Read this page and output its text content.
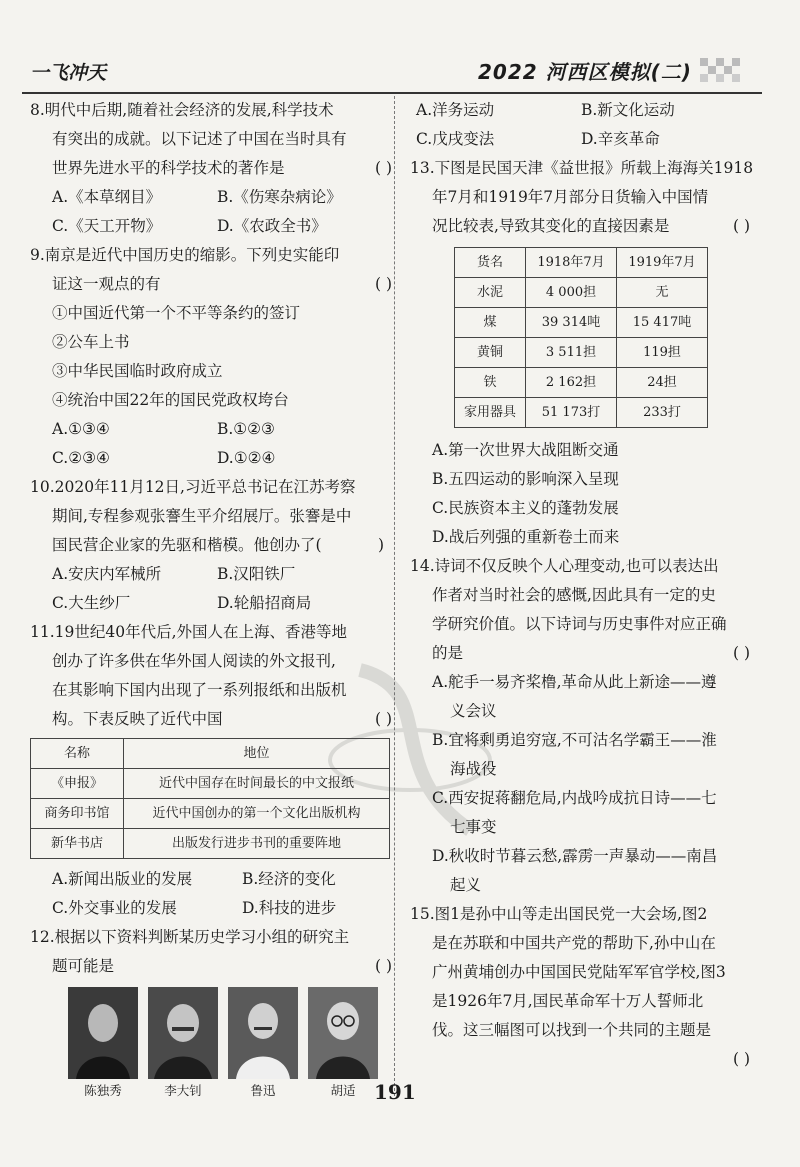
一飞冲天	2022 河西区模拟(二)
8.明代中后期,随着社会经济的发展,科学技术
有突出的成就。以下记述了中国在当时具有
世界先进水平的科学技术的著作是	( )
A.《本草纲目》	B.《伤寒杂病论》
C.《天工开物》	D.《农政全书》
9.南京是近代中国历史的缩影。下列史实能印
证这一观点的有	( )
①中国近代第一个不平等条约的签订
②公车上书
③中华民国临时政府成立
④统治中国22年的国民党政权垮台
A.①③④	B.①②③
C.②③④	D.①②④
10.2020年11月12日,习近平总书记在江苏考察
期间,专程参观张謇生平介绍展厅。张謇是中
国民营企业家的先驱和楷模。他创办了(	)
A.安庆内军械所	B.汉阳铁厂
C.大生纱厂	D.轮船招商局
11.19世纪40年代后,外国人在上海、香港等地
创办了许多供在华外国人阅读的外文报刊,
在其影响下国内出现了一系列报纸和出版机
构。下表反映了近代中国	( )
名称	地位
《申报》	近代中国存在时间最长的中文报纸
商务印书馆	近代中国创办的第一个文化出版机构
新华书店	出版发行进步书刊的重要阵地
A.新闻出版业的发展	B.经济的变化
C.外交事业的发展	D.科技的进步
12.根据以下资料判断某历史学习小组的研究主
题可能是	( )
陈独秀	李大钊	鲁迅	胡适
A.洋务运动	B.新文化运动
C.戊戌变法	D.辛亥革命
13.下图是民国天津《益世报》所载上海海关1918
年7月和1919年7月部分日货输入中国情
况比较表,导致其变化的直接因素是	( )
货名	1918年7月	1919年7月
水泥	4 000担	无
煤	39 314吨	15 417吨
黄铜	3 511担	119担
铁	2 162担	24担
家用器具	51 173打	233打
A.第一次世界大战阻断交通
B.五四运动的影响深入呈现
C.民族资本主义的蓬勃发展
D.战后列强的重新卷土而来
14.诗词不仅反映个人心理变动,也可以表达出
作者对当时社会的感慨,因此具有一定的史
学研究价值。以下诗词与历史事件对应正确
的是	( )
A.舵手一易齐桨橹,革命从此上新途——遵
义会议
B.宜将剩勇追穷寇,不可沽名学霸王——淮
海战役
C.西安捉蒋翻危局,内战吟成抗日诗——七
七事变
D.秋收时节暮云愁,霹雳一声暴动——南昌
起义
15.图1是孙中山等走出国民党一大会场,图2
是在苏联和中国共产党的帮助下,孙中山在
广州黄埔创办中国国民党陆军军官学校,图3
是1926年7月,国民革命军十万人誓师北
伐。这三幅图可以找到一个共同的主题是
( )
191
